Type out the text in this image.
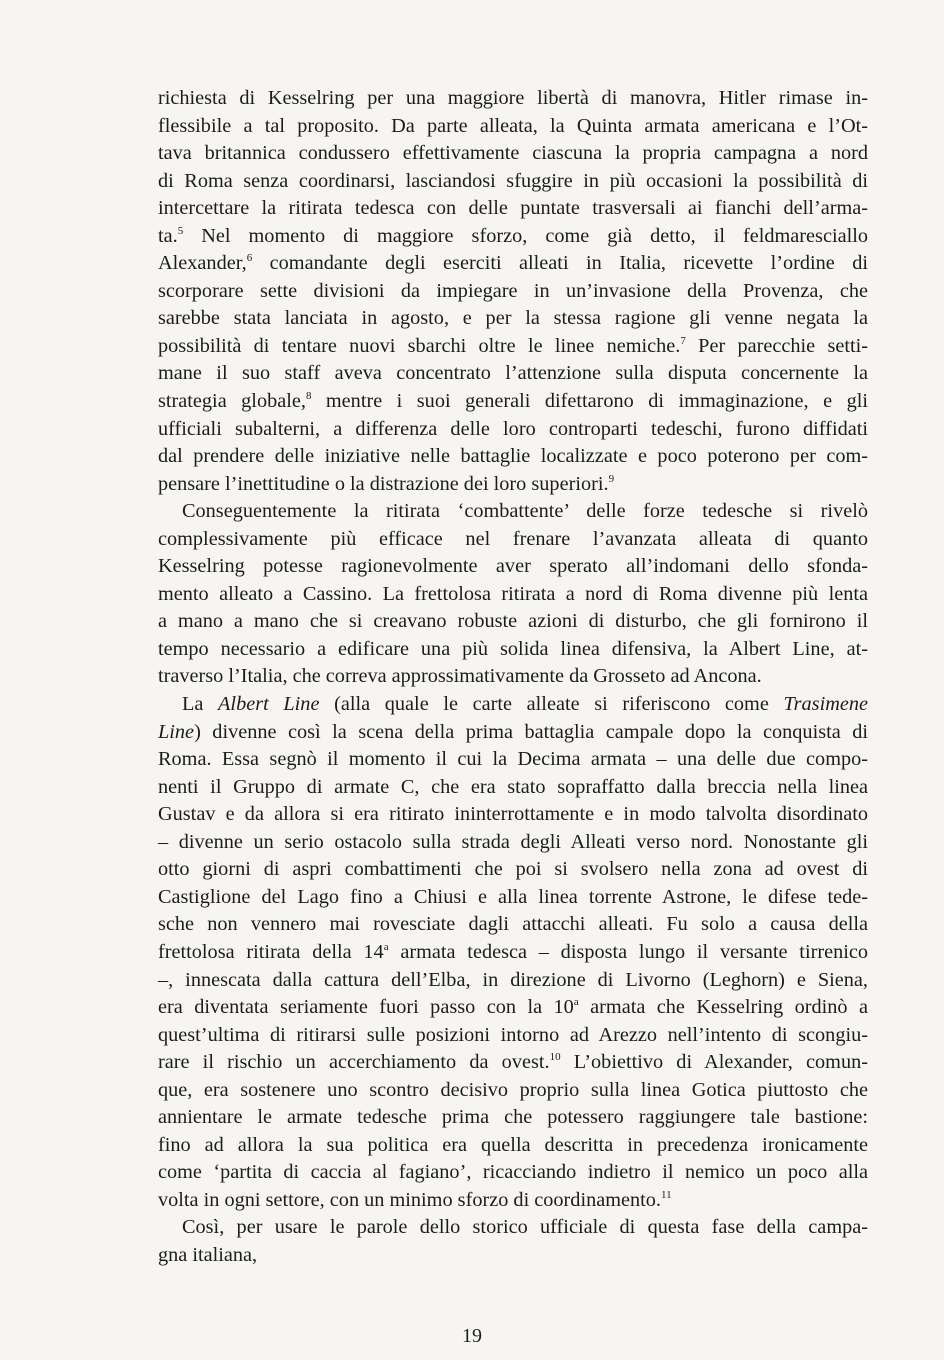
richiesta di Kesselring per una maggiore libertà di manovra, Hitler rimase in-
flessibile a tal proposito. Da parte alleata, la Quinta armata americana e l’Ot-
tava britannica condussero effettivamente ciascuna la propria campagna a nord
di Roma senza coordinarsi, lasciandosi sfuggire in più occasioni la possibilità di
intercettare la ritirata tedesca con delle puntate trasversali ai fianchi dell’arma-
ta.$^5$ Nel momento di maggiore sforzo, come già detto, il feldmaresciallo
Alexander,$^6$ comandante degli eserciti alleati in Italia, ricevette l’ordine di
scorporare sette divisioni da impiegare in un’invasione della Provenza, che
sarebbe stata lanciata in agosto, e per la stessa ragione gli venne negata la
possibilità di tentare nuovi sbarchi oltre le linee nemiche.$^7$ Per parecchie setti-
mane il suo staff aveva concentrato l’attenzione sulla disputa concernente la
strategia globale,$^8$ mentre i suoi generali difettarono di immaginazione, e gli
ufficiali subalterni, a differenza delle loro controparti tedeschi, furono diffidati
dal prendere delle iniziative nelle battaglie localizzate e poco poterono per com-
pensare l’inettitudine o la distrazione dei loro superiori.$^9$
Conseguentemente la ritirata ‘combattente’ delle forze tedesche si rivelò
complessivamente più efficace nel frenare l’avanzata alleata di quanto
Kesselring potesse ragionevolmente aver sperato all’indomani dello sfonda-
mento alleato a Cassino. La frettolosa ritirata a nord di Roma divenne più lenta
a mano a mano che si creavano robuste azioni di disturbo, che gli fornirono il
tempo necessario a edificare una più solida linea difensiva, la Albert Line, at-
traverso l’Italia, che correva approssimativamente da Grosseto ad Ancona.
La Albert Line (alla quale le carte alleate si riferiscono come Trasimene
Line) divenne così la scena della prima battaglia campale dopo la conquista di
Roma. Essa segnò il momento il cui la Decima armata – una delle due compo-
nenti il Gruppo di armate C, che era stato sopraffatto dalla breccia nella linea
Gustav e da allora si era ritirato ininterrottamente e in modo talvolta disordinato
– divenne un serio ostacolo sulla strada degli Alleati verso nord. Nonostante gli
otto giorni di aspri combattimenti che poi si svolsero nella zona ad ovest di
Castiglione del Lago fino a Chiusi e alla linea torrente Astrone, le difese tede-
sche non vennero mai rovesciate dagli attacchi alleati. Fu solo a causa della
frettolosa ritirata della 14$^a$ armata tedesca – disposta lungo il versante tirrenico
–, innescata dalla cattura dell’Elba, in direzione di Livorno (Leghorn) e Siena,
era diventata seriamente fuori passo con la 10$^a$ armata che Kesselring ordinò a
quest’ultima di ritirarsi sulle posizioni intorno ad Arezzo nell’intento di scongiu-
rare il rischio un accerchiamento da ovest.$^{10}$ L’obiettivo di Alexander, comun-
que, era sostenere uno scontro decisivo proprio sulla linea Gotica piuttosto che
annientare le armate tedesche prima che potessero raggiungere tale bastione:
fino ad allora la sua politica era quella descritta in precedenza ironicamente
come ‘partita di caccia al fagiano’, ricacciando indietro il nemico un poco alla
volta in ogni settore, con un minimo sforzo di coordinamento.$^{11}$
Così, per usare le parole dello storico ufficiale di questa fase della campa-
gna italiana,
19
